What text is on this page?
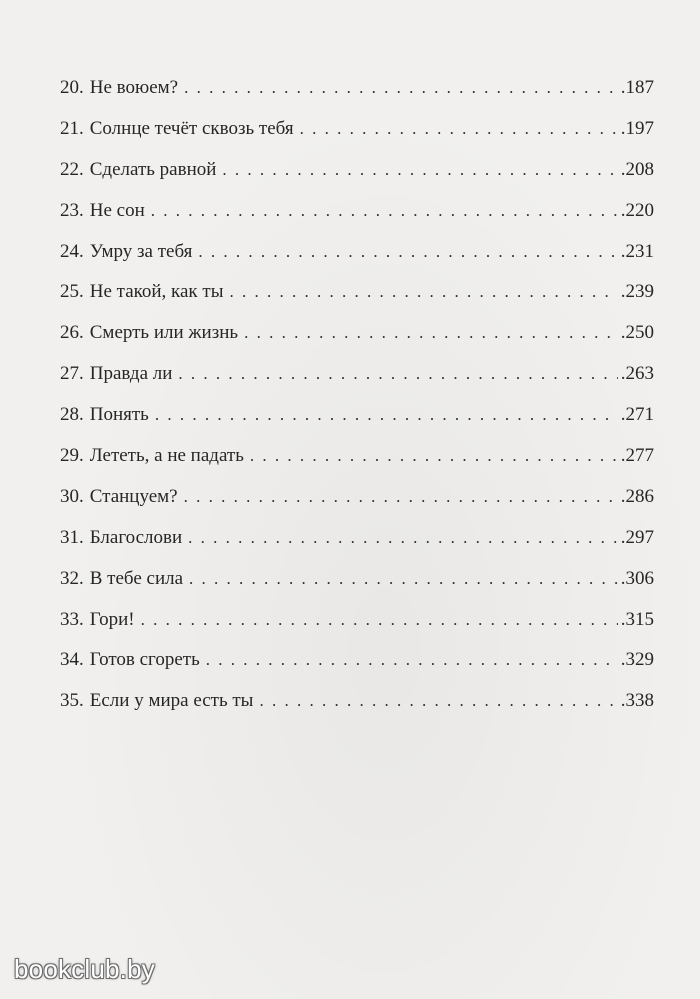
20. Не воюем? . . .	.187
21. Солнце течёт сквозь тебя . . .	.197
22. Сделать равной . . .	.208
23. Не сон . . .	.220
24. Умру за тебя . . .	.231
25. Не такой, как ты . . .	.239
26. Смерть или жизнь . . .	.250
27. Правда ли . . .	.263
28. Понять . . .	.271
29. Лететь, а не падать . . .	.277
30. Станцуем? . . .	.286
31. Благослови . . .	.297
32. В тебе сила . . .	.306
33. Гори! . . .	.315
34. Готов сгореть . . .	.329
35. Если у мира есть ты . . .	.338
bookclub.by
